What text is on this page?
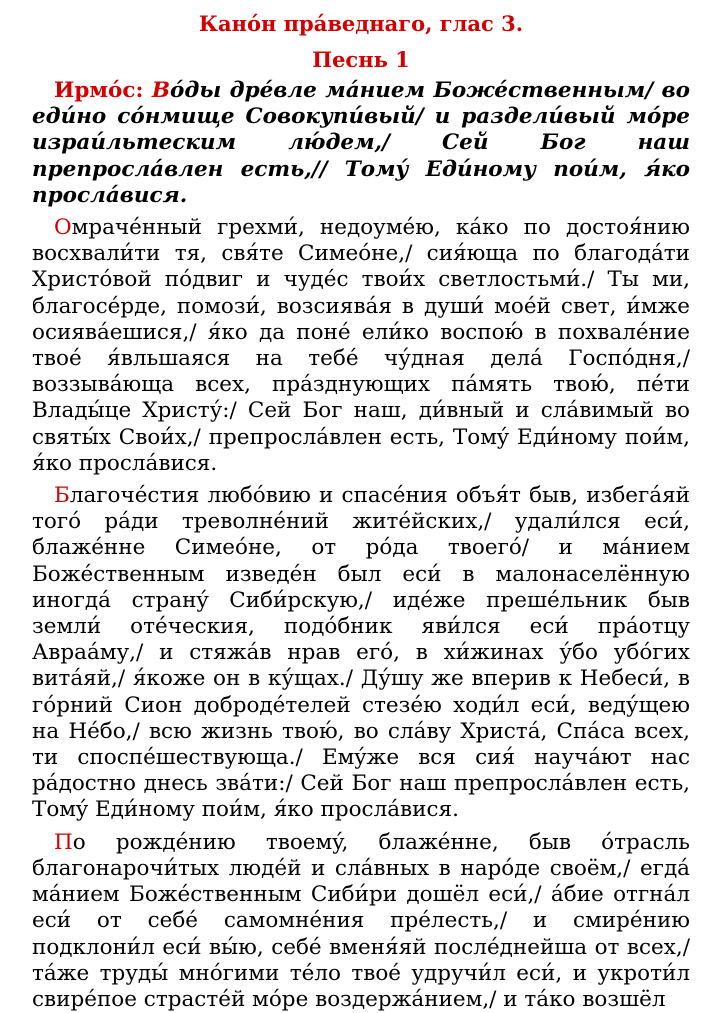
Канóн прáведнаго, глас 3.

Песнь 1

Ирмóс: Вóды дрéвле мáнием Божéственным/ во еди́но сóнмище Совокупи́вый/ и раздели́вый мóре израи́льтеским лю́дем,/ Сей Бог наш препрослáвлен есть,// Тому́ Еди́ному пои́м, я́ко прослáвися.

Омрачéнный грехми́, недоумéю, кáко по достоя́нию восхвали́ти тя, свя́те Симеóне,/ сия́юща по благодáти Христóвой пóдвиг и чудéс твои́х светлостьми́./ Ты ми, благосéрде, помози́, возсиявáя в души́ моéй свет, и́мже осиявáешися,/ я́ко да понé ели́ко воспою́ в похвалéние твоé я́вльшаяся на тебé чу́дная делá Госпóдня,/ воззывáюща всех, прáзднующих пáмять твою́, пéти Влады́це Христу́:/ Сей Бог наш, ди́вный и слáвимый во святы́х Свои́х,/ препрослáвлен есть, Томý Еди́ному пои́м, я́ко прослáвися.

Благочéстия любóвию и спасéния объя́т быв, избегáяй тогó рáди треволнéний житéйских,/ удали́лся еси́, блажéнне Симеóне, от рóда твоегó/ и мáнием Божéственным изведéн был еси́ в малонаселённую иногдá странý Сиби́рскую,/ идéже прешéльник быв земли́ отéческия, подóбник яви́лся еси́ прáотцу Авраáму,/ и стяжáв нрав егó, в хи́жинах у́бо убóгих витáяй,/ я́коже он в ку́щах./ Ду́шу же вперив к Небеси́, в гóрний Сион добродéтелей стезéю ходи́л еси́, веду́щею на Нéбо,/ всю жизнь твою́, во слáву Христá, Спáса всех, ти споспéшествующа./ Емýже вся сия́ научáют нас рáдостно днесь звáти:/ Сей Бог наш препрослáвлен есть, Томý Еди́ному пои́м, я́ко прослáвися.

По рождéнию твоемý, блажéнне, быв óтрасль благонарочи́тых людéй и слáвных в нарóде своём,/ егдá мáнием Божéственным Сиби́ри дошёл еси́,/ áбие отгнáл еси́ от себé самомнéния прéлесть,/ и смирéнию подклони́л еси́ вы́ю, себé вменя́яй послéднейша от всех,/ тáже труды́ мнóгими тéло твоé удручи́л еси́, и укроти́л свирéпое страстéй мóре воздержáнием,/ и тáко возшёл
